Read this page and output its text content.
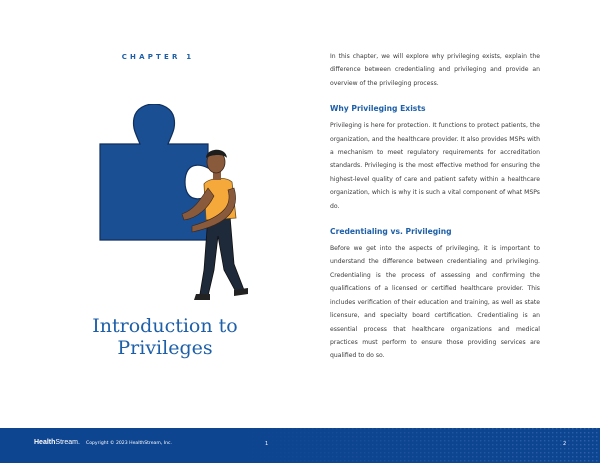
CHAPTER 1
Introduction to
Privileges

In this chapter, we will explore why privileging exists, explain the difference between credentialing and privileging and provide an overview of the privileging process.

Why Privileging Exists

Privileging is here for protection. It functions to protect patients, the organization, and the healthcare provider. It also provides MSPs with a mechanism to meet regulatory requirements for accreditation standards. Privileging is the most effective method for ensuring the highest-level quality of care and patient safety within a healthcare organization, which is why it is such a vital component of what MSPs do.

Credentialing vs. Privileging

Before we get into the aspects of privileging, it is important to understand the difference between credentialing and privileging. Credentialing is the process of assessing and confirming the qualifications of a licensed or certified healthcare provider. This includes verification of their education and training, as well as state licensure, and specialty board certification. Credentialing is an essential process that healthcare organizations and medical practices must perform to ensure those providing services are qualified to do so.

HealthStream. Copyright © 2023 HealthStream, Inc.	1	2
